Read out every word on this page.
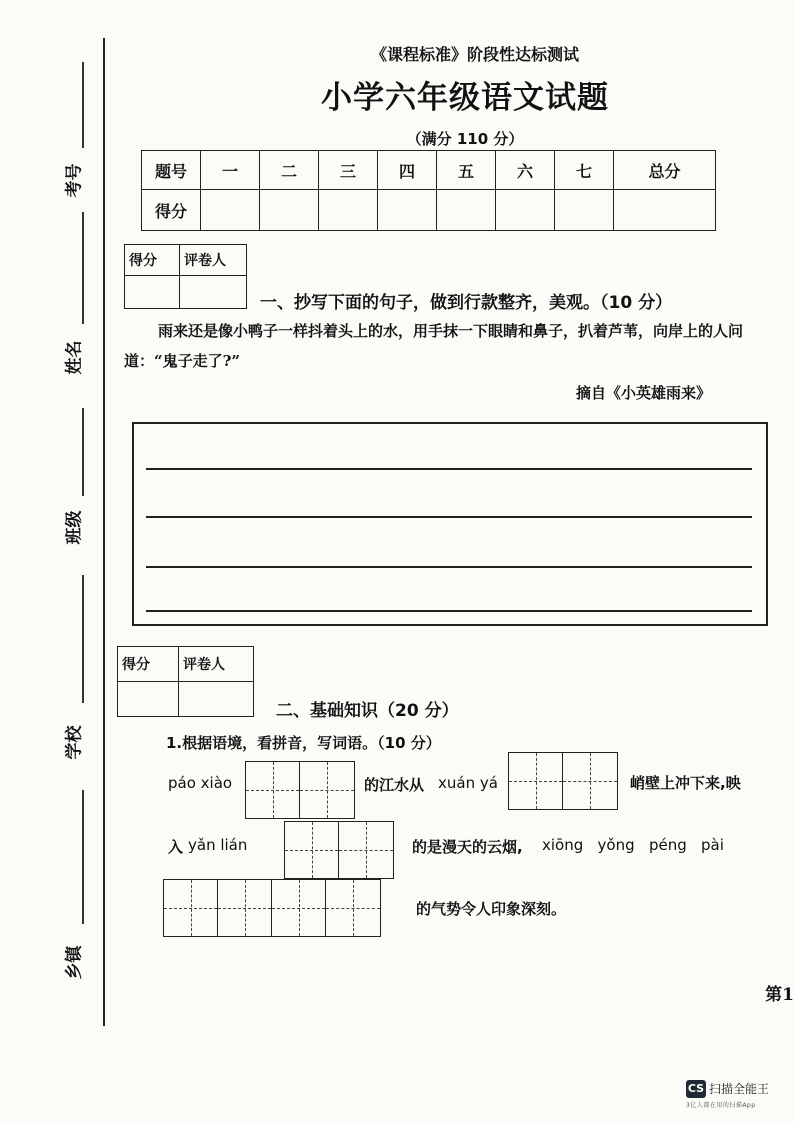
考号
姓名
班级
学校
乡镇
《课程标准》阶段性达标测试
小学六年级语文试题
（满分 110 分）
题号	一	二	三	四	五	六	七	总分
得分								
得分	评卷人

一、抄写下面的句子，做到行款整齐，美观。（10 分）
雨来还是像小鸭子一样抖着头上的水，用手抹一下眼睛和鼻子，扒着芦苇，向岸上的人问道：“鬼子走了?”
摘自《小英雄雨来》
得分	评卷人

二、基础知识（20 分）
1.根据语境，看拼音，写词语。（10 分）
páo xiào	的江水从 xuán yá	峭壁上冲下来,映
入 yǎn lián	的是漫天的云烟, xiōng   yǒng   péng   pài
的气势令人印象深刻。
第1
CS 扫描全能王
3亿人都在用的扫描App
